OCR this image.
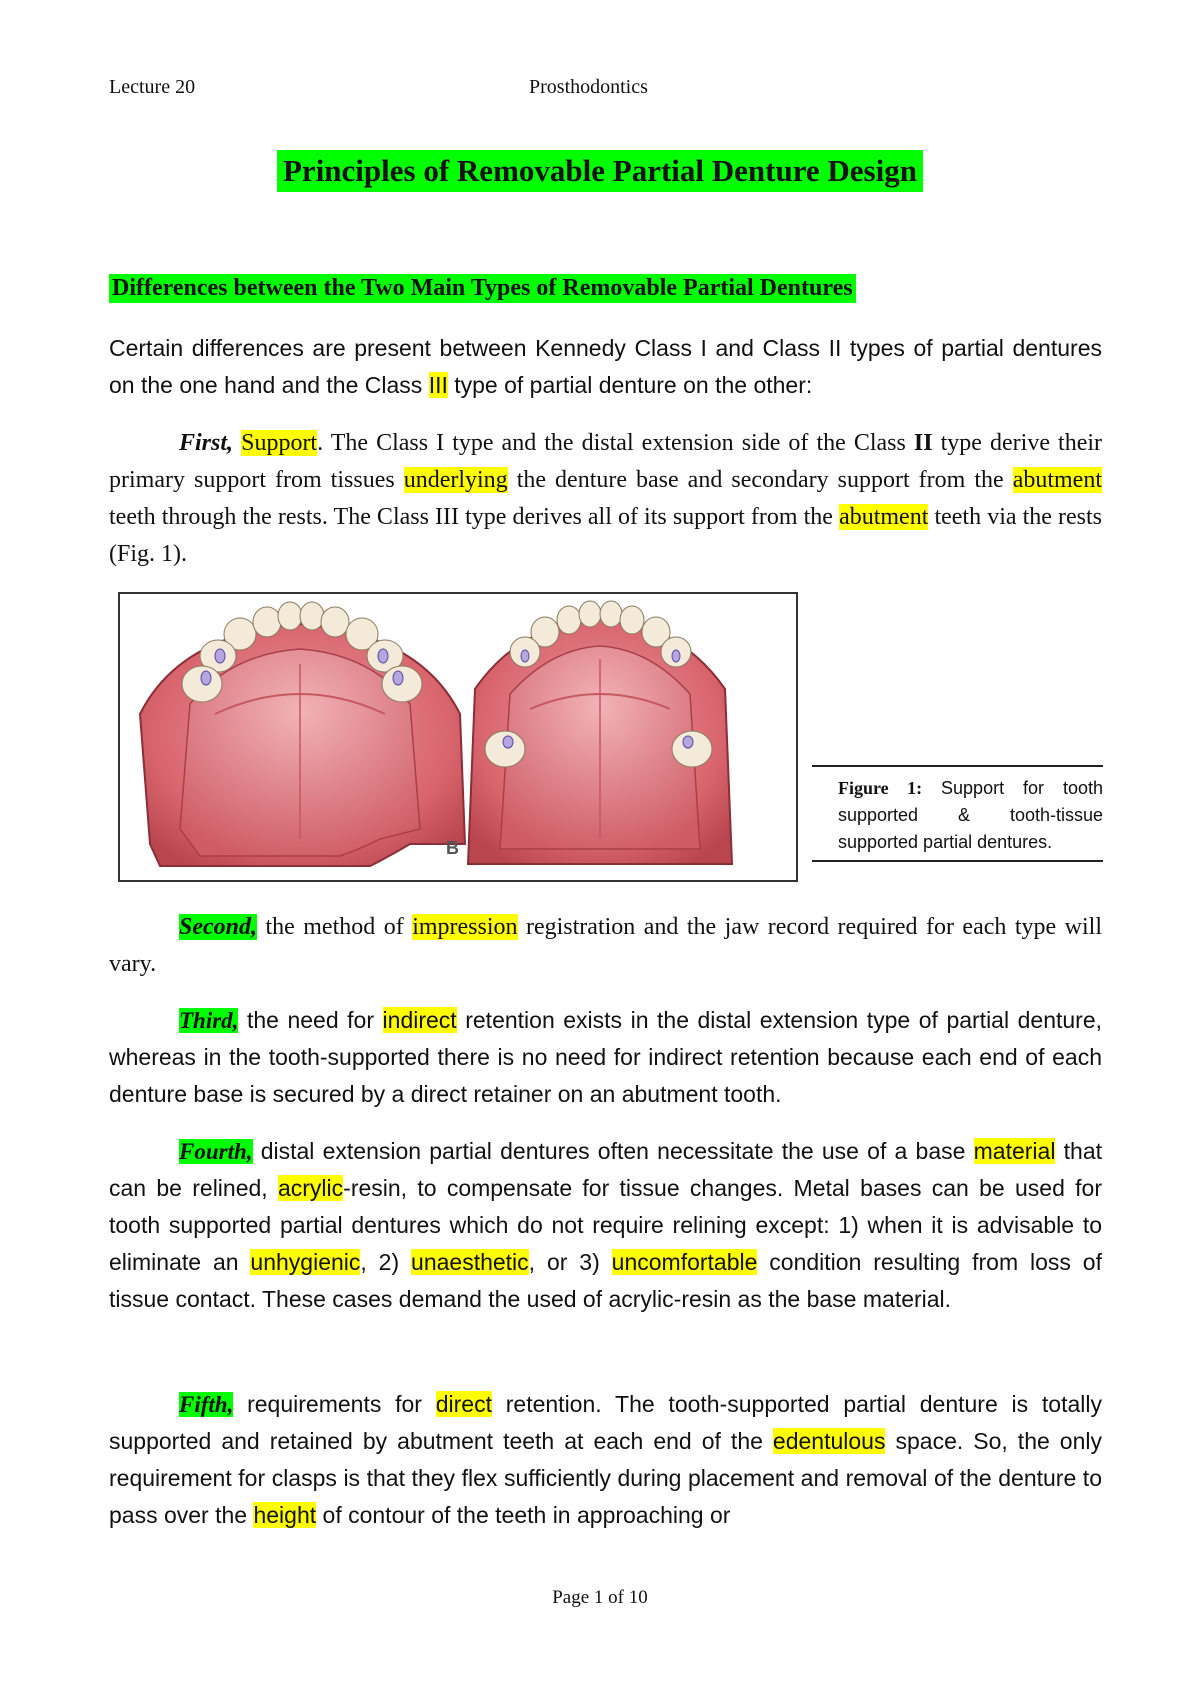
Lecture 20	Prosthodontics
Principles of Removable Partial Denture Design
Differences between the Two Main Types of Removable Partial Dentures

Certain differences are present between Kennedy Class I and Class II types of partial dentures on the one hand and the Class III type of partial denture on the other:

First, Support. The Class I type and the distal extension side of the Class II type derive their primary support from tissues underlying the denture base and secondary support from the abutment teeth through the rests. The Class III type derives all of its support from the abutment teeth via the rests (Fig. 1).

B
Figure 1: Support for tooth supported & tooth-tissue supported partial dentures.

Second, the method of impression registration and the jaw record required for each type will vary.

Third, the need for indirect retention exists in the distal extension type of partial denture, whereas in the tooth-supported there is no need for indirect retention because each end of each denture base is secured by a direct retainer on an abutment tooth.

Fourth, distal extension partial dentures often necessitate the use of a base material that can be relined, acrylic-resin, to compensate for tissue changes. Metal bases can be used for tooth supported partial dentures which do not require relining except: 1) when it is advisable to eliminate an unhygienic, 2) unaesthetic, or 3) uncomfortable condition resulting from loss of tissue contact. These cases demand the used of acrylic-resin as the base material.

Fifth, requirements for direct retention. The tooth-supported partial denture is totally supported and retained by abutment teeth at each end of the edentulous space. So, the only requirement for clasps is that they flex sufficiently during placement and removal of the denture to pass over the height of contour of the teeth in approaching or

Page 1 of 10
